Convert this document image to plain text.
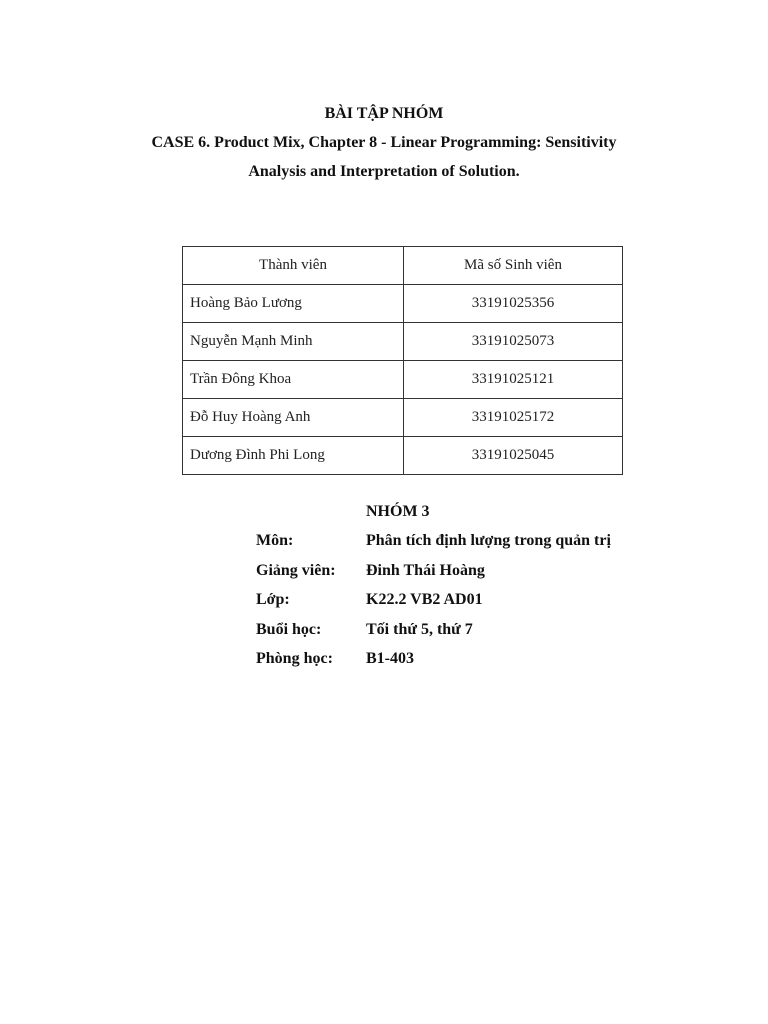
BÀI TẬP NHÓM
CASE 6. Product Mix, Chapter 8 - Linear Programming: Sensitivity
Analysis and Interpretation of Solution.
Thành viên	Mã số Sinh viên
Hoàng Bảo Lương	33191025356
Nguyễn Mạnh Minh	33191025073
Trần Đông Khoa	33191025121
Đỗ Huy Hoàng Anh	33191025172
Dương Đình Phi Long	33191025045
NHÓM 3
Môn:	Phân tích định lượng trong quản trị
Giảng viên: Đinh Thái Hoàng
Lớp:	K22.2 VB2 AD01
Buổi học:	Tối thứ 5, thứ 7
Phòng học: B1-403
